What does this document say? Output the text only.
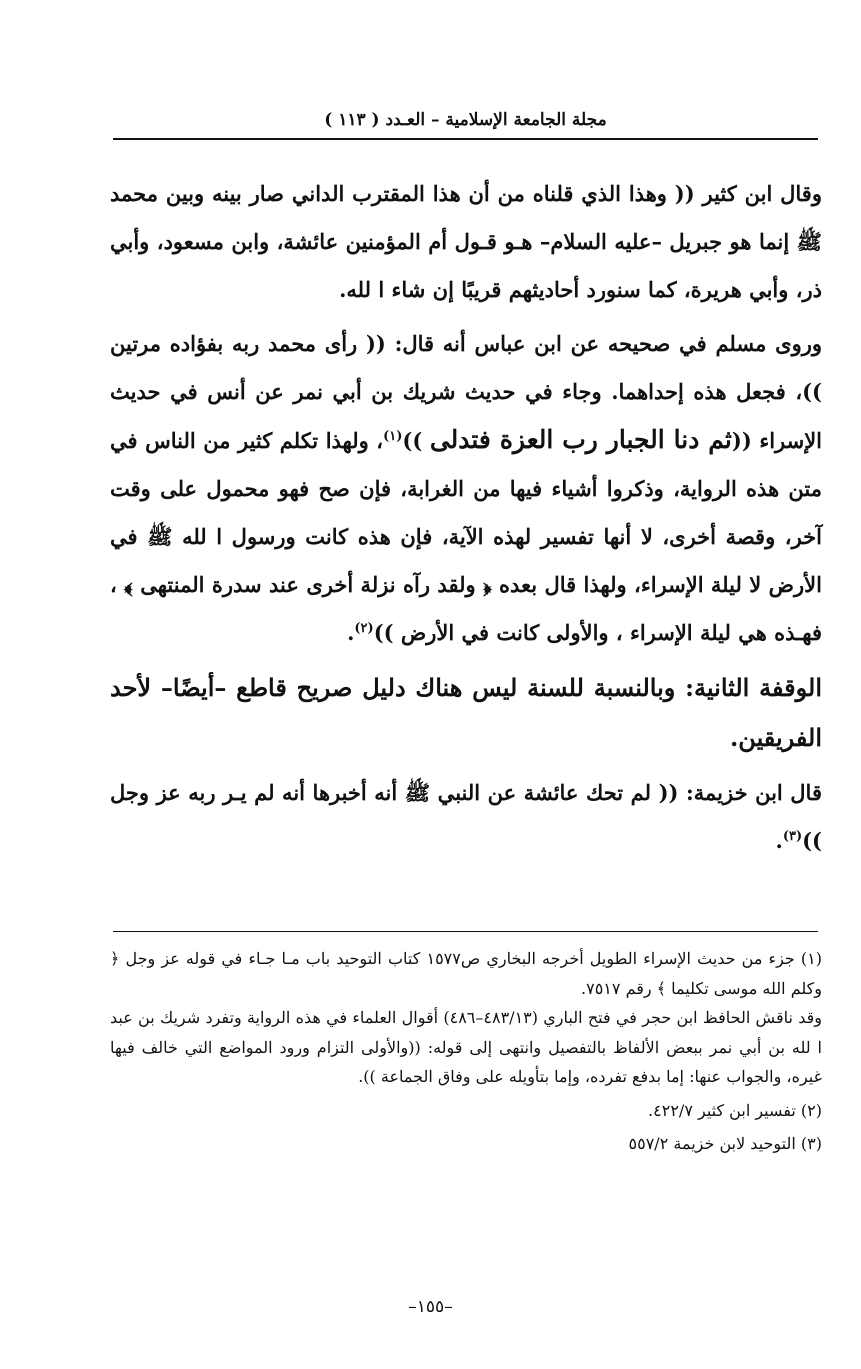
مجلة الجامعة الإسلامية – العـدد ( ١١٣ )

وقال ابن كثير (( وهذا الذي قلناه من أن هذا المقترب الداني صار بينه وبين محمد ﷺ إنما هو جبريل –عليه السلام– هـو قـول أم المؤمنين عائشة، وابن مسعود، وأبي ذر، وأبي هريرة، كما سنورد أحاديثهم قريبًا إن شاء ا لله.

وروى مسلم في صحيحه عن ابن عباس أنه قال: (( رأى محمد ربه بفؤاده مرتين ))، فجعل هذه إحداهما. وجاء في حديث شريك بن أبي نمر عن أنس في حديث الإسراء ((ثم دنا الجبار رب العزة فتدلى ))$^{(١)}$، ولهذا تكلم كثير من الناس في متن هذه الرواية، وذكروا أشياء فيها من الغرابة، فإن صح فهو محمول على وقت آخر، وقصة أخرى، لا أنها تفسير لهذه الآية، فإن هذه كانت ورسول ا لله ﷺ في الأرض لا ليلة الإسراء، ولهذا قال بعده ﴿ ولقد رآه نزلة أخرى عند سدرة المنتهى ﴾ ، فهـذه هي ليلة الإسراء ، والأولى كانت في الأرض ))$^{(٢)}$.

الوقفة الثانية: وبالنسبة للسنة ليس هناك دليل صريح قاطع –أيضًا– لأحد الفريقين.

قال ابن خزيمة: (( لم تحك عائشة عن النبي ﷺ أنه أخبرها أنه لم يـر ربه عز وجل ))$^{(٣)}$.

(١) جزء من حديث الإسراء الطويل أخرجه البخاري ص١٥٧٧ كتاب التوحيد باب مـا جـاء في قوله عز وجل ﴿ وكلم الله موسى تكليما ﴾ رقم ٧٥١٧.

وقد ناقش الحافظ ابن حجر في فتح الباري (٤٨٣/١٣–٤٨٦) أقوال العلماء في هذه الرواية وتفرد شريك بن عبد ا لله بن أبي نمر ببعض الألفاظ بالتفصيل وانتهى إلى قوله: ((والأولى التزام ورود المواضع التي خالف فيها غيره، والجواب عنها: إما بدفع تفرده، وإما بتأويله على وفاق الجماعة )).

(٢) تفسير ابن كثير ٤٢٢/٧.

(٣) التوحيد لابن خزيمة ٥٥٧/٢

–١٥٥–
